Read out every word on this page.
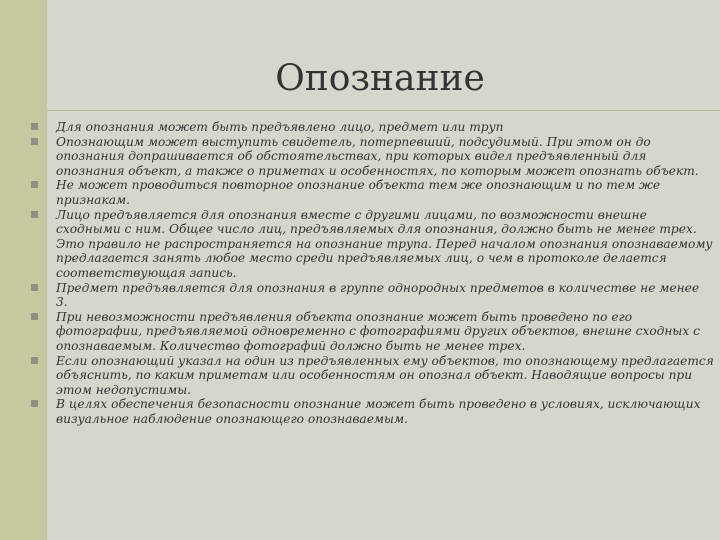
Опознание
Для опознания может быть предъявлено лицо, предмет или труп
Опознающим может выступить свидетель, потерпевший, подсудимый. При этом он до опознания допрашивается об обстоятельствах, при которых видел предъявленный для опознания объект, а также о приметах и особенностях, по которым может опознать объект.
Не может проводиться повторное опознание объекта тем же опознающим и по тем же признакам.
Лицо предъявляется для опознания вместе с другими лицами, по возможности внешне сходными с ним. Общее число лиц, предъявляемых для опознания, должно быть не менее трех. Это правило не распространяется на опознание трупа. Перед началом опознания опознаваемому предлагается занять любое место среди предъявляемых лиц, о чем в протоколе делается соответствующая запись.
Предмет предъявляется для опознания в группе однородных предметов в количестве не менее 3.
При невозможности предъявления объекта опознание может быть проведено по его фотографии, предъявляемой одновременно с фотографиями других объектов, внешне сходных с опознаваемым. Количество фотографий должно быть не менее трех.
Если опознающий указал на один из предъявленных ему объектов, то опознающему предлагается объяснить, по каким приметам или особенностям он опознал объект. Наводящие вопросы при этом недопустимы.
В целях обеспечения безопасности опознание может быть проведено в условиях, исключающих визуальное наблюдение опознающего опознаваемым.
